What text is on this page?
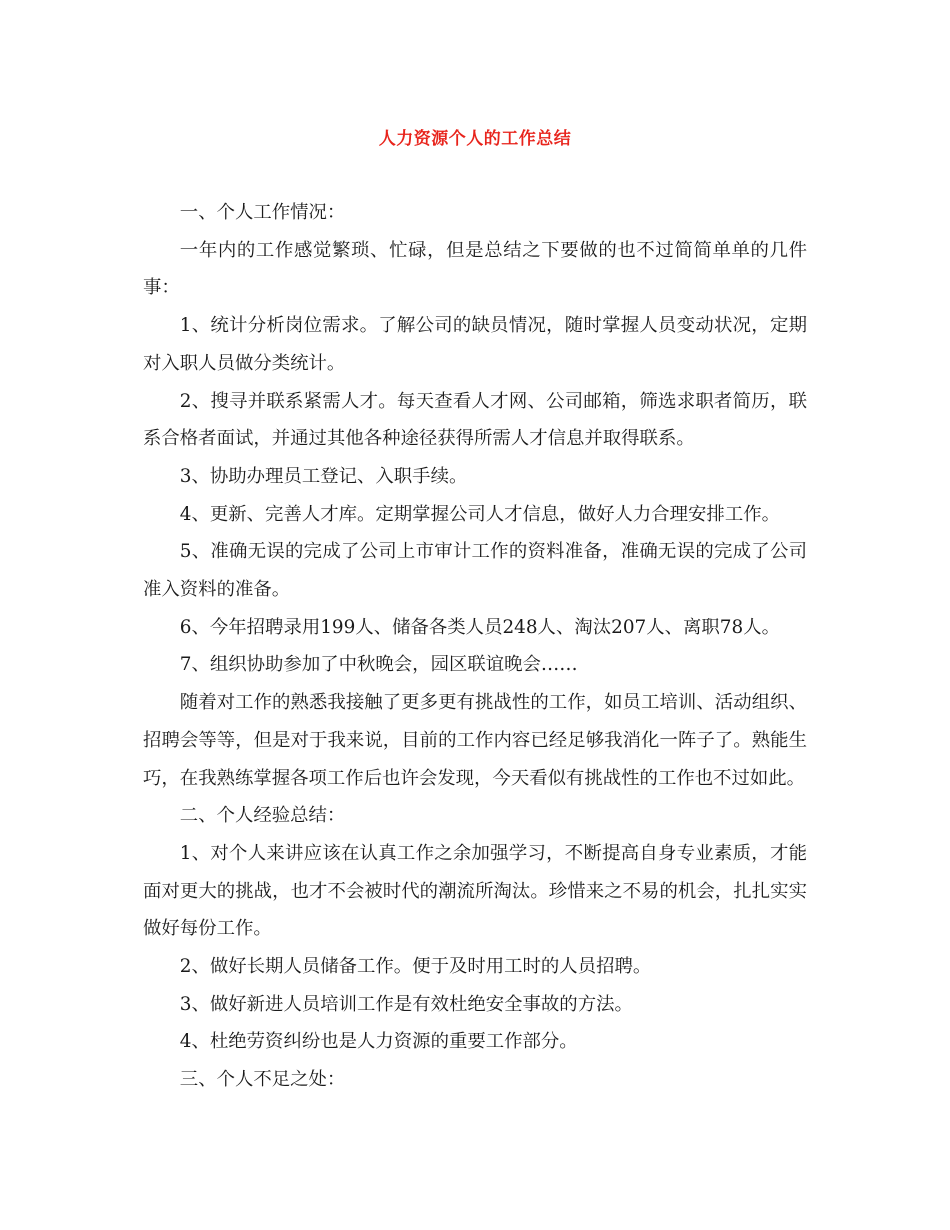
人力资源个人的工作总结

一、个人工作情况：

一年内的工作感觉繁琐、忙碌，但是总结之下要做的也不过简简单单的几件事：

1、统计分析岗位需求。了解公司的缺员情况，随时掌握人员变动状况，定期对入职人员做分类统计。

2、搜寻并联系紧需人才。每天查看人才网、公司邮箱，筛选求职者简历，联系合格者面试，并通过其他各种途径获得所需人才信息并取得联系。

3、协助办理员工登记、入职手续。

4、更新、完善人才库。定期掌握公司人才信息，做好人力合理安排工作。

5、准确无误的完成了公司上市审计工作的资料准备，准确无误的完成了公司准入资料的准备。

6、今年招聘录用199人、储备各类人员248人、淘汰207人、离职78人。

7、组织协助参加了中秋晚会，园区联谊晚会……

随着对工作的熟悉我接触了更多更有挑战性的工作，如员工培训、活动组织、招聘会等等，但是对于我来说，目前的工作内容已经足够我消化一阵子了。熟能生巧，在我熟练掌握各项工作后也许会发现，今天看似有挑战性的工作也不过如此。

二、个人经验总结：

1、对个人来讲应该在认真工作之余加强学习，不断提高自身专业素质，才能面对更大的挑战，也才不会被时代的潮流所淘汰。珍惜来之不易的机会，扎扎实实做好每份工作。

2、做好长期人员储备工作。便于及时用工时的人员招聘。

3、做好新进人员培训工作是有效杜绝安全事故的方法。

4、杜绝劳资纠纷也是人力资源的重要工作部分。

三、个人不足之处：
